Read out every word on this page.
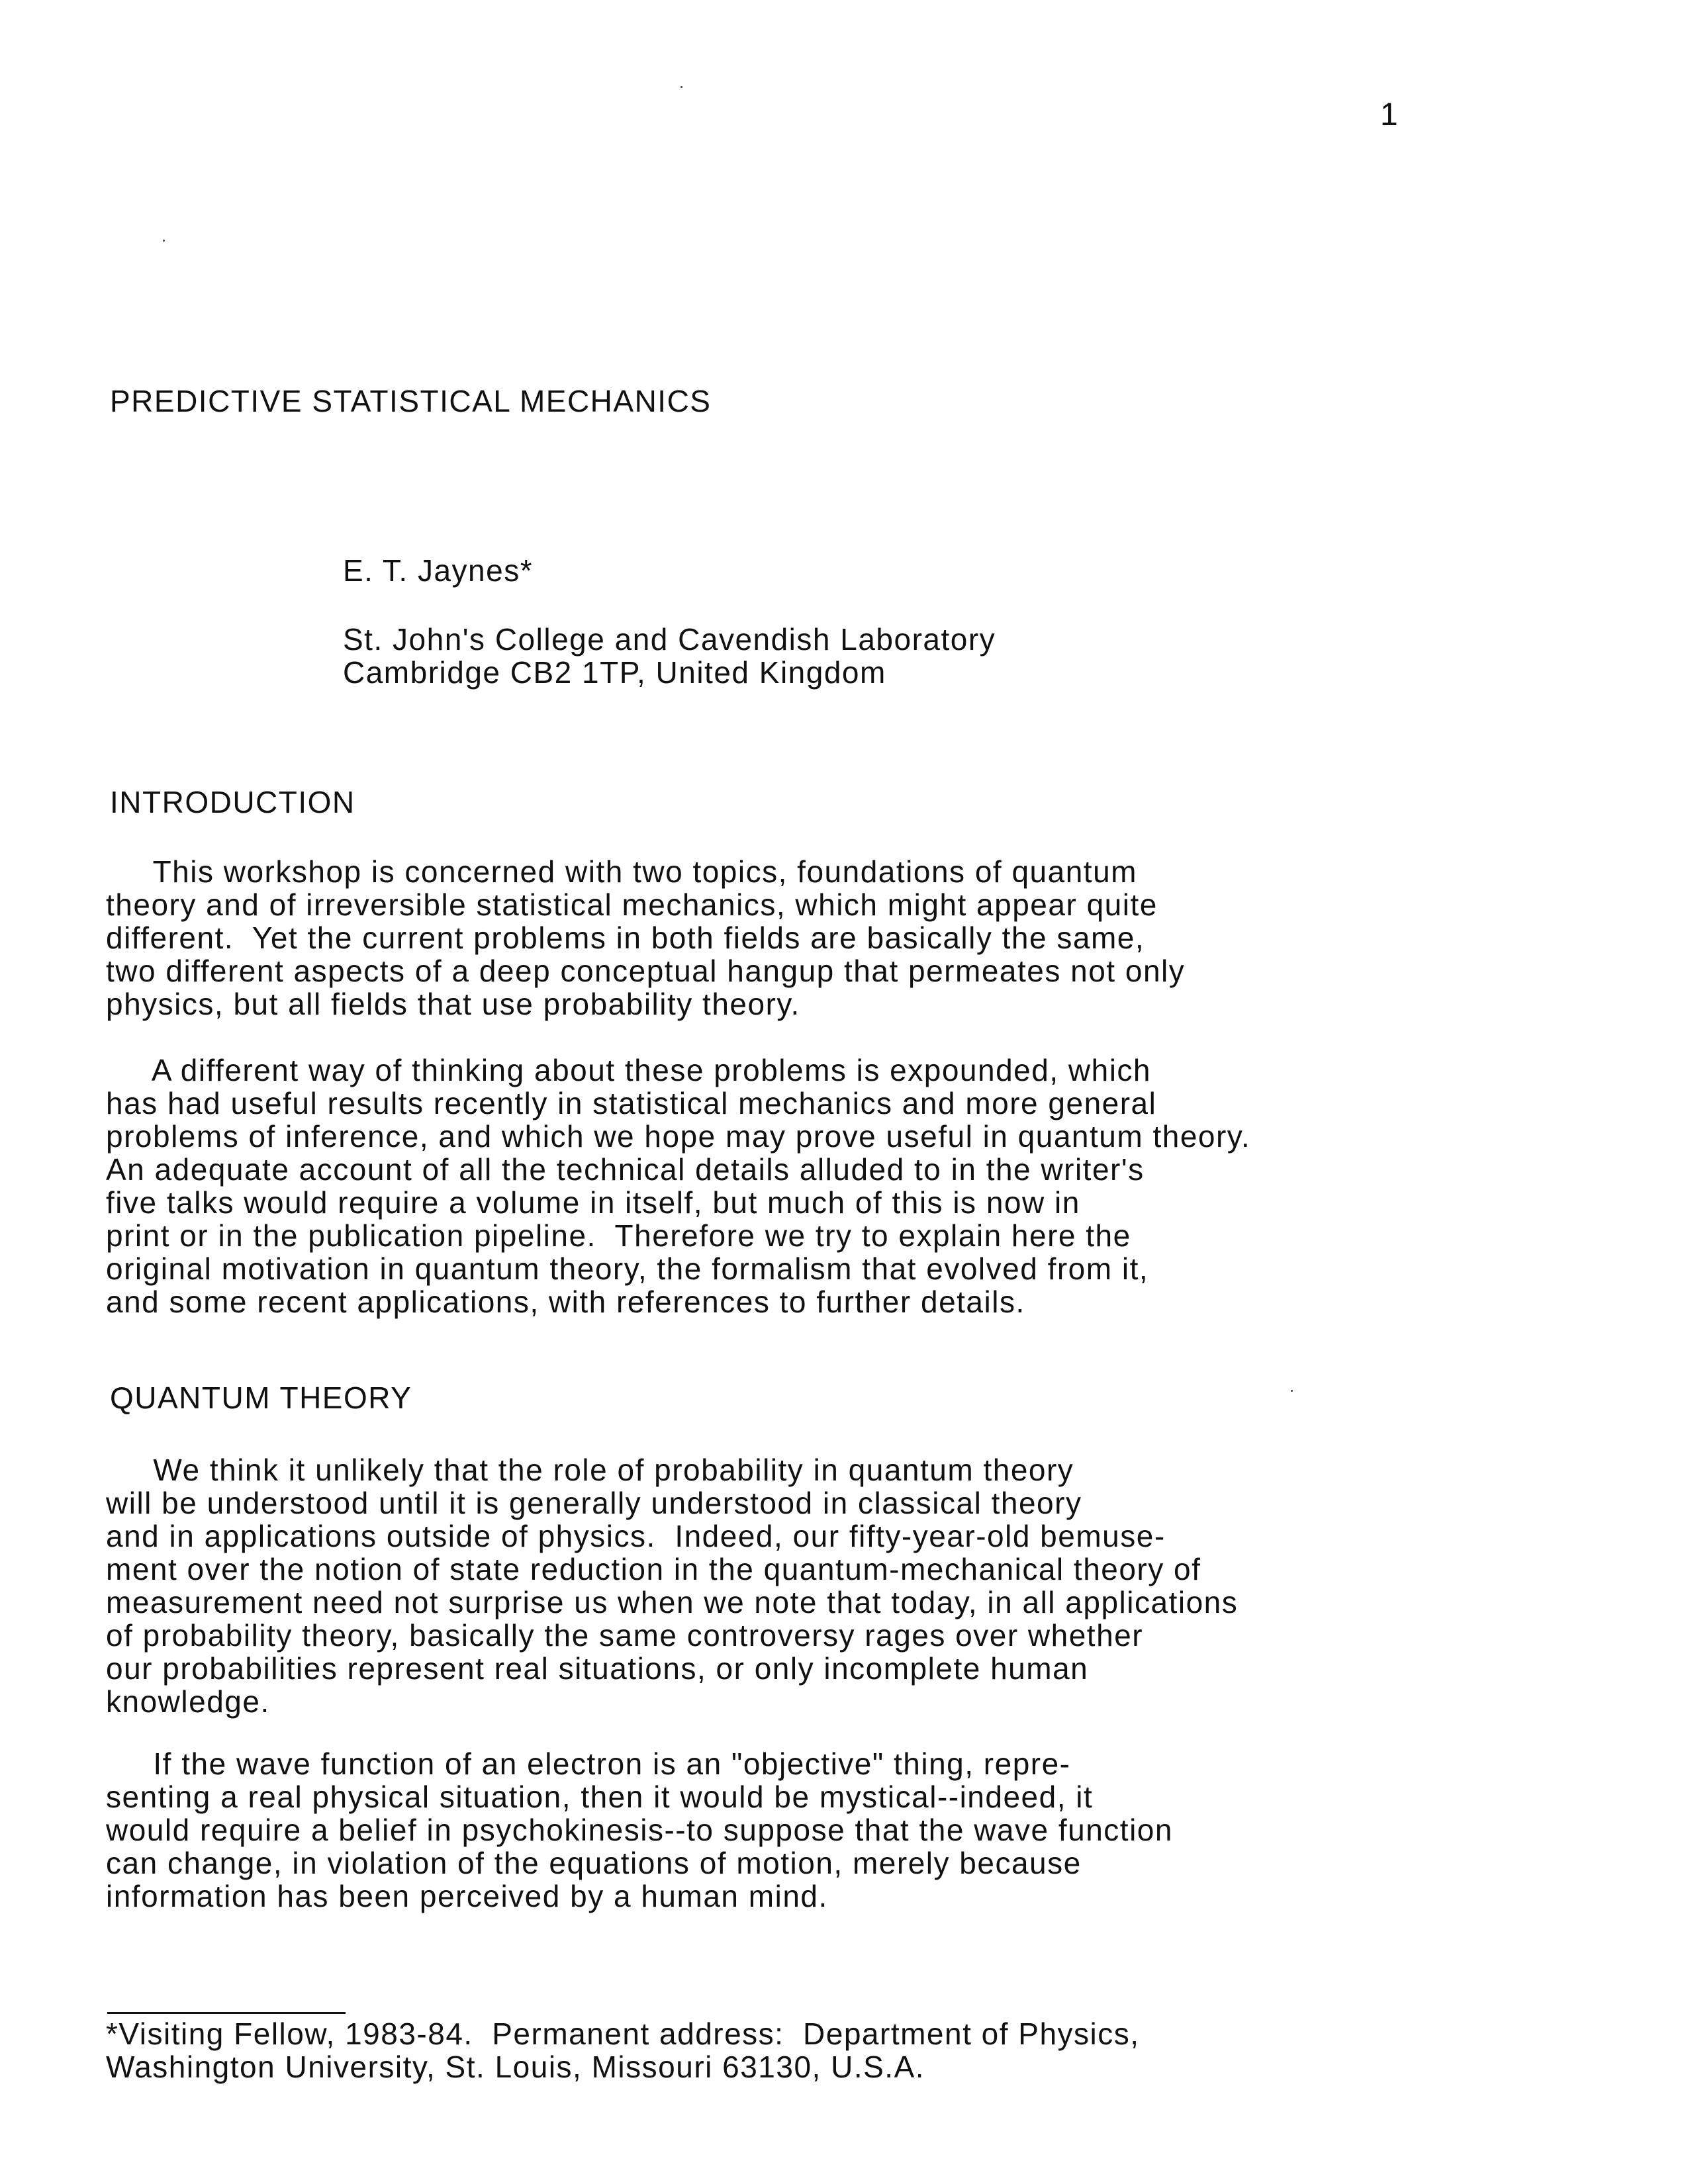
1
PREDICTIVE STATISTICAL MECHANICS
E. T. Jaynes*
St. John's College and Cavendish Laboratory
Cambridge CB2 1TP, United Kingdom
INTRODUCTION
This workshop is concerned with two topics, foundations of quantum
theory and of irreversible statistical mechanics, which might appear quite
different.  Yet the current problems in both fields are basically the same,
two different aspects of a deep conceptual hangup that permeates not only
physics, but all fields that use probability theory.
A different way of thinking about these problems is expounded, which
has had useful results recently in statistical mechanics and more general
problems of inference, and which we hope may prove useful in quantum theory.
An adequate account of all the technical details alluded to in the writer's
five talks would require a volume in itself, but much of this is now in
print or in the publication pipeline.  Therefore we try to explain here the
original motivation in quantum theory, the formalism that evolved from it,
and some recent applications, with references to further details.
QUANTUM THEORY
We think it unlikely that the role of probability in quantum theory
will be understood until it is generally understood in classical theory
and in applications outside of physics.  Indeed, our fifty-year-old bemuse-
ment over the notion of state reduction in the quantum-mechanical theory of
measurement need not surprise us when we note that today, in all applications
of probability theory, basically the same controversy rages over whether
our probabilities represent real situations, or only incomplete human
knowledge.
If the wave function of an electron is an "objective" thing, repre-
senting a real physical situation, then it would be mystical--indeed, it
would require a belief in psychokinesis--to suppose that the wave function
can change, in violation of the equations of motion, merely because
information has been perceived by a human mind.
*Visiting Fellow, 1983-84.  Permanent address:  Department of Physics,
Washington University, St. Louis, Missouri 63130, U.S.A.
